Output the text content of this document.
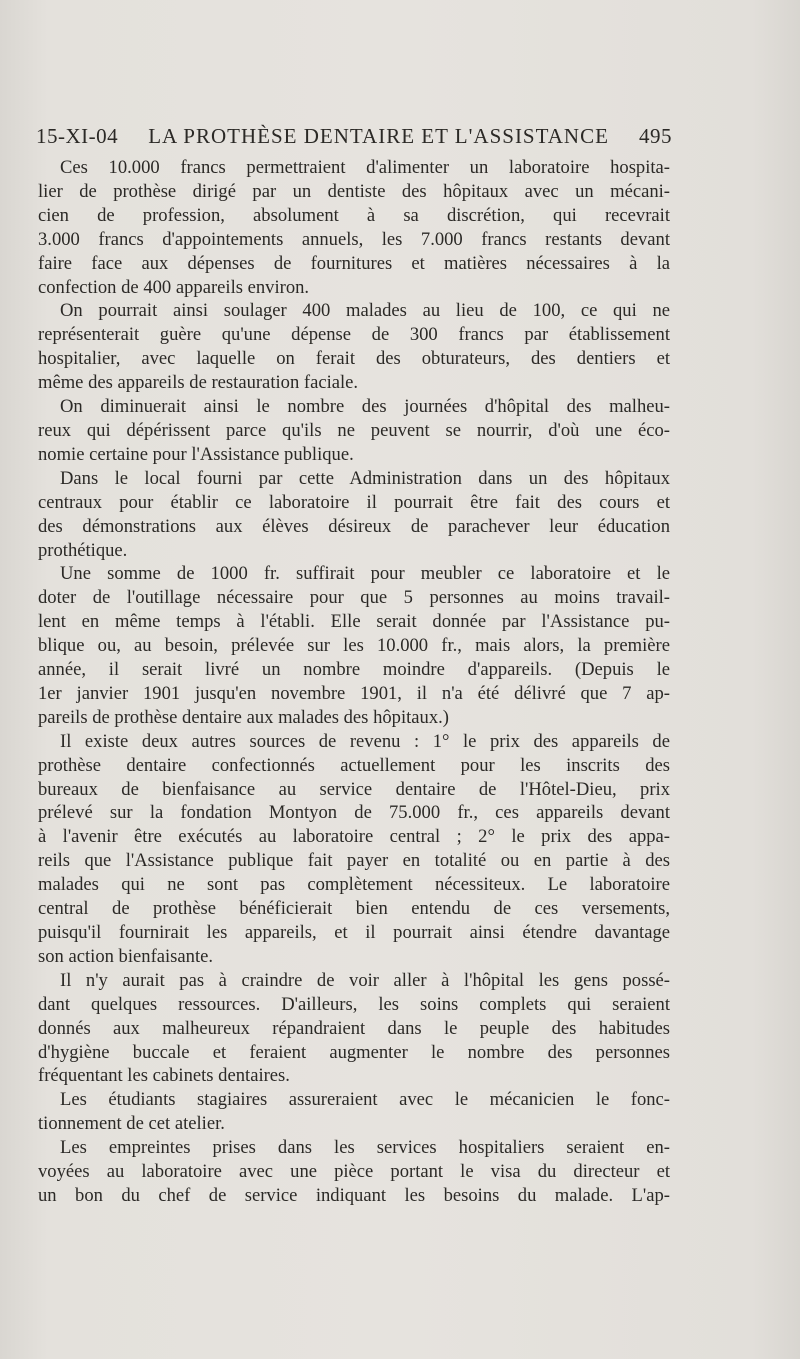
15-XI-04 LA PROTHÈSE DENTAIRE ET L'ASSISTANCE 495

Ces 10.000 francs permettraient d'alimenter un laboratoire hospita-
lier de prothèse dirigé par un dentiste des hôpitaux avec un mécani-
cien de profession, absolument à sa discrétion, qui recevrait
3.000 francs d'appointements annuels, les 7.000 francs restants devant
faire face aux dépenses de fournitures et matières nécessaires à la
confection de 400 appareils environ.

On pourrait ainsi soulager 400 malades au lieu de 100, ce qui ne
représenterait guère qu'une dépense de 300 francs par établissement
hospitalier, avec laquelle on ferait des obturateurs, des dentiers et
même des appareils de restauration faciale.

On diminuerait ainsi le nombre des journées d'hôpital des malheu-
reux qui dépérissent parce qu'ils ne peuvent se nourrir, d'où une éco-
nomie certaine pour l'Assistance publique.

Dans le local fourni par cette Administration dans un des hôpitaux
centraux pour établir ce laboratoire il pourrait être fait des cours et
des démonstrations aux élèves désireux de parachever leur éducation
prothétique.

Une somme de 1000 fr. suffirait pour meubler ce laboratoire et le
doter de l'outillage nécessaire pour que 5 personnes au moins travail-
lent en même temps à l'établi. Elle serait donnée par l'Assistance pu-
blique ou, au besoin, prélevée sur les 10.000 fr., mais alors, la première
année, il serait livré un nombre moindre d'appareils. (Depuis le
1er janvier 1901 jusqu'en novembre 1901, il n'a été délivré que 7 ap-
pareils de prothèse dentaire aux malades des hôpitaux.)

Il existe deux autres sources de revenu : 1° le prix des appareils de
prothèse dentaire confectionnés actuellement pour les inscrits des
bureaux de bienfaisance au service dentaire de l'Hôtel-Dieu, prix
prélevé sur la fondation Montyon de 75.000 fr., ces appareils devant
à l'avenir être exécutés au laboratoire central ; 2° le prix des appa-
reils que l'Assistance publique fait payer en totalité ou en partie à des
malades qui ne sont pas complètement nécessiteux. Le laboratoire
central de prothèse bénéficierait bien entendu de ces versements,
puisqu'il fournirait les appareils, et il pourrait ainsi étendre davantage
son action bienfaisante.

Il n'y aurait pas à craindre de voir aller à l'hôpital les gens possé-
dant quelques ressources. D'ailleurs, les soins complets qui seraient
donnés aux malheureux répandraient dans le peuple des habitudes
d'hygiène buccale et feraient augmenter le nombre des personnes
fréquentant les cabinets dentaires.

Les étudiants stagiaires assureraient avec le mécanicien le fonc-
tionnement de cet atelier.

Les empreintes prises dans les services hospitaliers seraient en-
voyées au laboratoire avec une pièce portant le visa du directeur et
un bon du chef de service indiquant les besoins du malade. L'ap-
